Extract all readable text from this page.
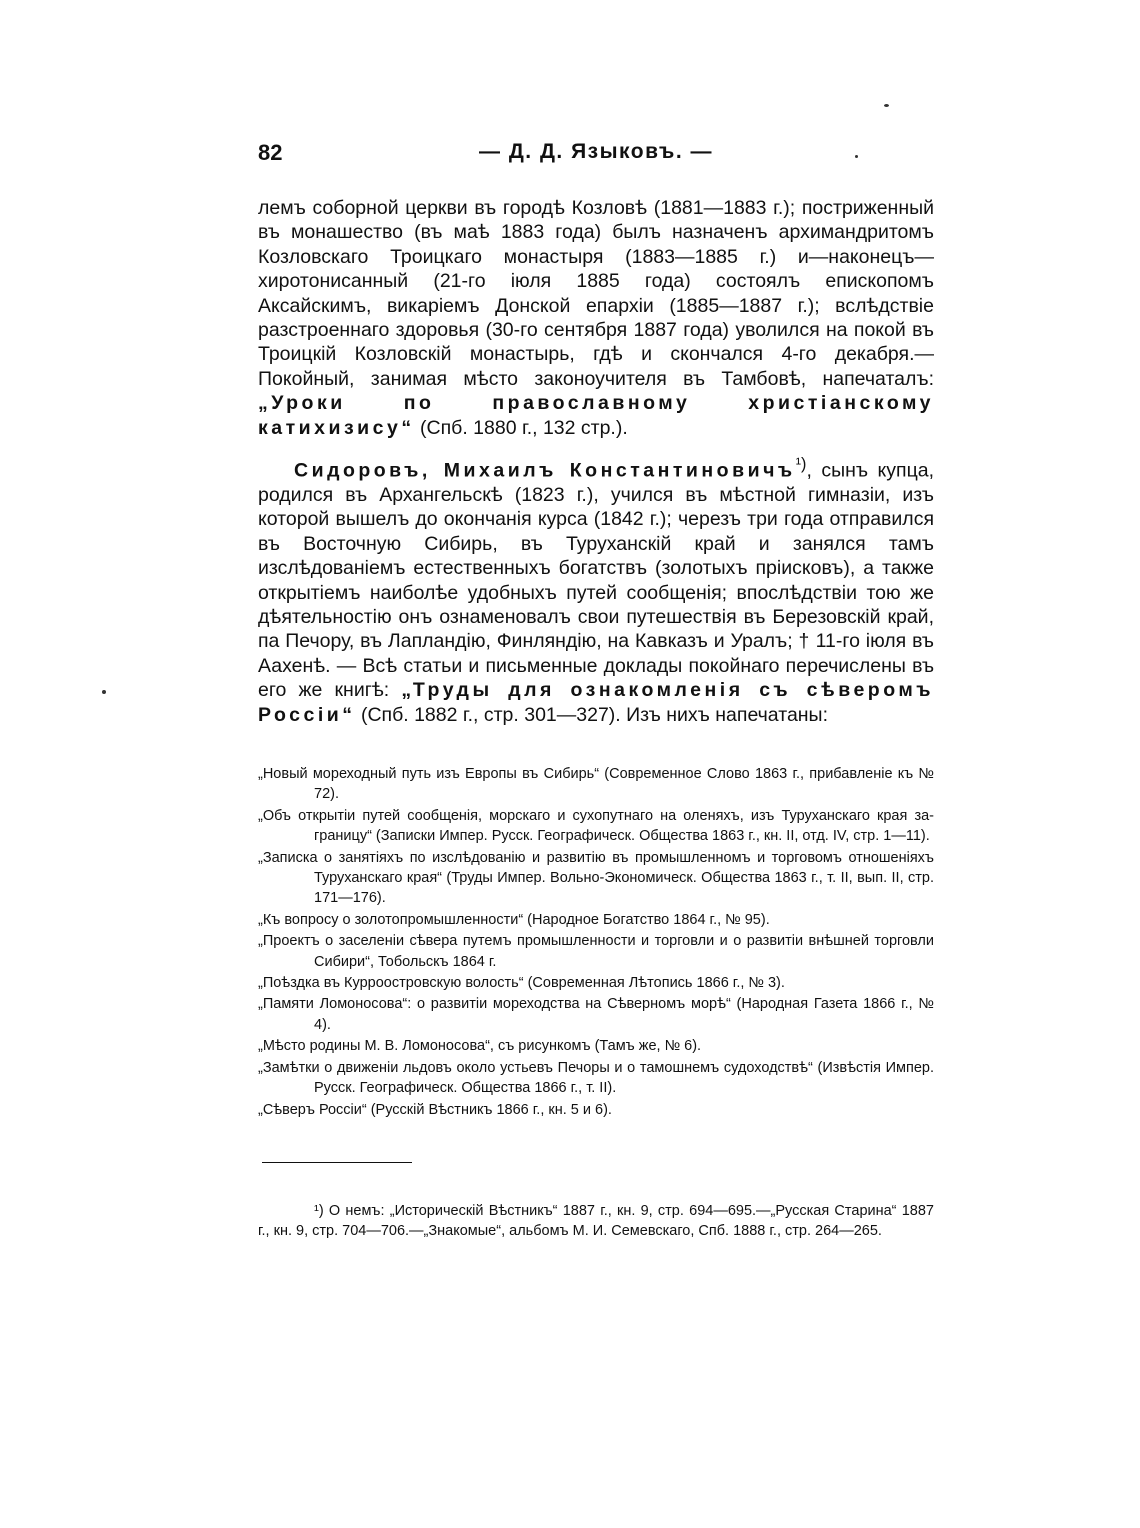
82	— Д. Д. Языковъ. —

лемъ соборной церкви въ городѣ Козловѣ (1881—1883 г.); постриженный въ монашество (въ маѣ 1883 года) былъ назначенъ архимандритомъ Козловскаго Троицкаго монастыря (1883—1885 г.) и—наконецъ—хиротонисанный (21-го іюля 1885 года) состоялъ епископомъ Аксайскимъ, викаріемъ Донской епархіи (1885—1887 г.); вслѣдствіе разстроеннаго здоровья (30-го сентября 1887 года) уволился на покой въ Троицкій Козловскій монастырь, гдѣ и скончался 4-го декабря.—Покойный, занимая мѣсто законоучителя въ Тамбовѣ, напечаталъ: „Уроки по православному христіанскому катихизису“ (Спб. 1880 г., 132 стр.).

Сидоровъ, Михаилъ Константиновичъ$^{^1)}$, сынъ купца, родился въ Архангельскѣ (1823 г.), учился въ мѣстной гимназіи, изъ которой вышелъ до окончанія курса (1842 г.); черезъ три года отправился въ Восточную Сибирь, въ Туруханскій край и занялся тамъ изслѣдованіемъ естественныхъ богатствъ (золотыхъ пріисковъ), а также открытіемъ наиболѣе удобныхъ путей сообщенія; впослѣдствіи тою же дѣятельностію онъ ознаменовалъ свои путешествія въ Березовскій край, па Печору, въ Лапландію, Финляндію, на Кавказъ и Уралъ; † 11-го іюля въ Аахенѣ. — Всѣ статьи и письменные доклады покойнаго перечислены въ его же книгѣ: „Труды для ознакомленія съ сѣверомъ Россіи“ (Спб. 1882 г., стр. 301—327). Изъ нихъ напечатаны:

„Новый мореходный путь изъ Европы въ Сибирь“ (Современное Слово 1863 г., прибавленіе къ № 72).

„Объ открытіи путей сообщенія, морскаго и сухопутнаго на оленяхъ, изъ Туруханскаго края за-границу“ (Записки Импер. Русск. Географическ. Общества 1863 г., кн. II, отд. IV, стр. 1—11).

„Записка о занятіяхъ по изслѣдованію и развитію въ промышленномъ и торговомъ отношеніяхъ Туруханскаго края“ (Труды Импер. Вольно-Экономическ. Общества 1863 г., т. II, вып. II, стр. 171—176).

„Къ вопросу о золотопромышленности“ (Народное Богатство 1864 г., № 95).

„Проектъ о заселеніи сѣвера путемъ промышленности и торговли и о развитіи внѣшней торговли Сибири“, Тобольскъ 1864 г.

„Поѣздка въ Курроостровскую волость“ (Современная Лѣтопись 1866 г., № 3).

„Памяти Ломоносова“: о развитіи мореходства на Сѣверномъ морѣ“ (Народная Газета 1866 г., № 4).

„Мѣсто родины М. В. Ломоносова“, съ рисункомъ (Тамъ же, № 6).

„Замѣтки о движеніи льдовъ около устьевъ Печоры и о тамошнемъ судоходствѣ“ (Извѣстія Импер. Русск. Географическ. Общества 1866 г., т. II).

„Сѣверъ Россіи“ (Русскій Вѣстникъ 1866 г., кн. 5 и 6).

¹) О немъ: „Историческій Вѣстникъ“ 1887 г., кн. 9, стр. 694—695.—„Русская Старина“ 1887 г., кн. 9, стр. 704—706.—„Знакомые“, альбомъ М. И. Семевскаго, Спб. 1888 г., стр. 264—265.
